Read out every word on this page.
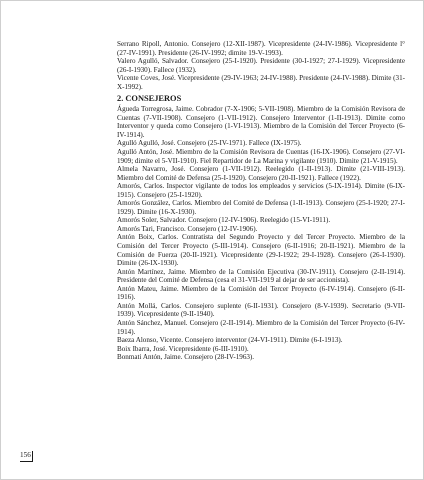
Serrano Ripoll, Antonio. Consejero (12-XII-1987). Vicepresidente (24-IV-1986). Vicepresidente l° (27-IV-1991). Presidente (26-IV-1992; dimite 19-V-1993).

Valero Agulló, Salvador. Consejero (25-I-1920). Presidente (30-I-1927; 27-I-1929). Vicepresidente (26-I-1930). Fallece (1932).

Vicente Coves, José. Vicepresidente (29-IV-1963; 24-IV-1988). Presidente (24-IV-1988). Dimite (31-X-1992).

2. CONSEJEROS

Águeda Torregrosa, Jaime. Cobrador (7-X-1906; 5-VII-1908). Miembro de la Comisión Revisora de Cuentas (7-VII-1908). Consejero (1-VII-1912). Consejero Interventor (1-II-1913). Dimite como Interventor y queda como Consejero (1-VI-1913). Miembro de la Comisión del Tercer Proyecto (6-IV-1914).

Agulló Agulló, José. Consejero (25-IV-1971). Fallece (IX-1975).

Agulló Antón, José. Miembro de la Comisión Revisora de Cuentas (16-IX-1906). Consejero (27-VI-1909; dimite el 5-VII-1910). Fiel Repartidor de La Marina y vigilante (1910). Dimite (21-V-1915).

Almela Navarro, José. Consejero (1-VII-1912). Reelegido (1-II-1913). Dimite (21-VIII-1913). Miembro del Comité de Defensa (25-I-1920). Consejero (20-II-1921). Fallece (1922).

Amorós, Carlos. Inspector vigilante de todos los empleados y servicios (5-IX-1914). Dimite (6-IX-1915). Consejero (25-I-1920).

Amorós González, Carlos. Miembro del Comité de Defensa (1-II-1913). Consejero (25-I-1920; 27-I-1929). Dimite (16-X-1930).

Amorós Soler, Salvador. Consejero (12-IV-1906). Reelegido (15-VI-1911).

Amorós Tari, Francisco. Consejero (12-IV-1906).

Antón Boix, Carlos. Contratista del Segundo Proyecto y del Tercer Proyecto. Miembro de la Comisión del Tercer Proyecto (5-III-1914). Consejero (6-II-1916; 20-II-1921). Miembro de la Comisión de Fuerza (20-II-1921). Vicepresidente (29-I-1922; 29-I-1928). Consejero (26-I-1930). Dimite (26-IX-1930).

Antón Martínez, Jaime. Miembro de la Comisión Ejecutiva (30-IV-1911). Consejero (2-II-1914). Presidente del Comité de Defensa (cesa el 31-VII-1919 al dejar de ser accionista).

Antón Mateu, Jaime. Miembro de la Comisión del Tercer Proyecto (6-IV-1914). Consejero (6-II-1916).

Antón Mollá, Carlos. Consejero suplente (6-II-1931). Consejero (8-V-1939). Secretario (9-VII-1939). Vicepresidente (9-II-1940).

Antón Sánchez, Manuel. Consejero (2-II-1914). Miembro de la Comisión del Tercer Proyecto (6-IV-1914).

Baeza Alonso, Vicente. Consejero interventor (24-VI-1911). Dimite (6-I-1913).

Boix Ibarra, José. Vicepresidente (6-III-1910).

Bonmati Antón, Jaime. Consejero (28-IV-1963).

156
